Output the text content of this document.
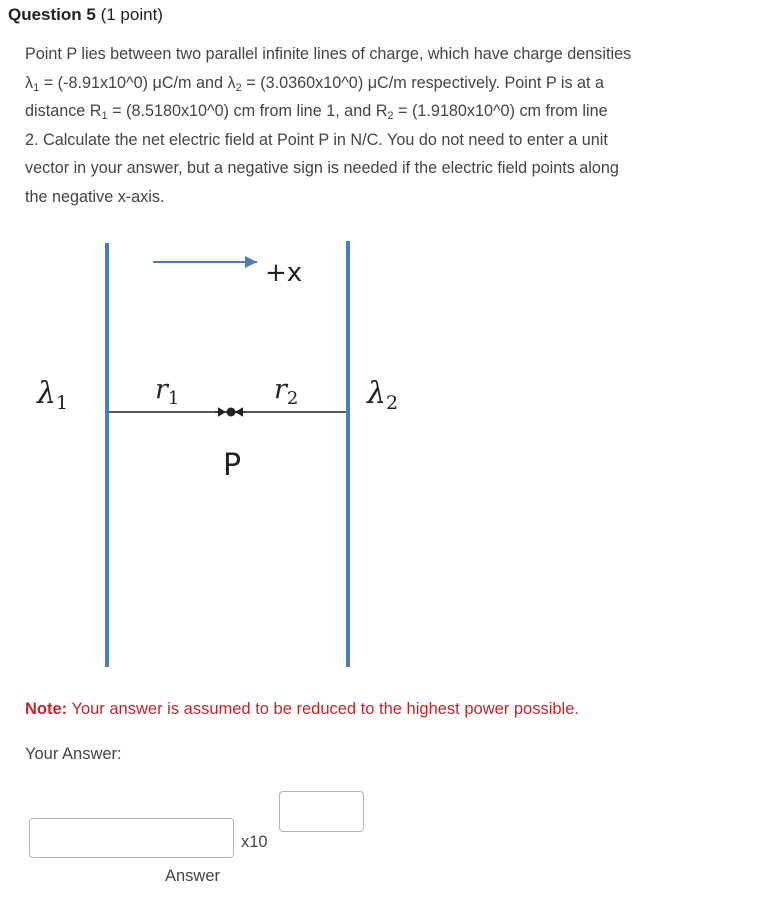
Question 5 (1 point)
Point P lies between two parallel infinite lines of charge, which have charge densities
$\lambda_1$ = (-8.91x10^0) μC/m and $\lambda_2$ = (3.0360x10^0) μC/m respectively. Point P is at a
distance $R_1$ = (8.5180x10^0) cm from line 1, and $R_2$ = (1.9180x10^0) cm from line
2. Calculate the net electric field at Point P in N/C. You do not need to enter a unit
vector in your answer, but a negative sign is needed if the electric field points along
the negative x-axis.
+x
P
$\lambda_1$	$\lambda_2$
$r_1$	$r_2$
Note: Your answer is assumed to be reduced to the highest power possible.
Your Answer:
x10
Answer
